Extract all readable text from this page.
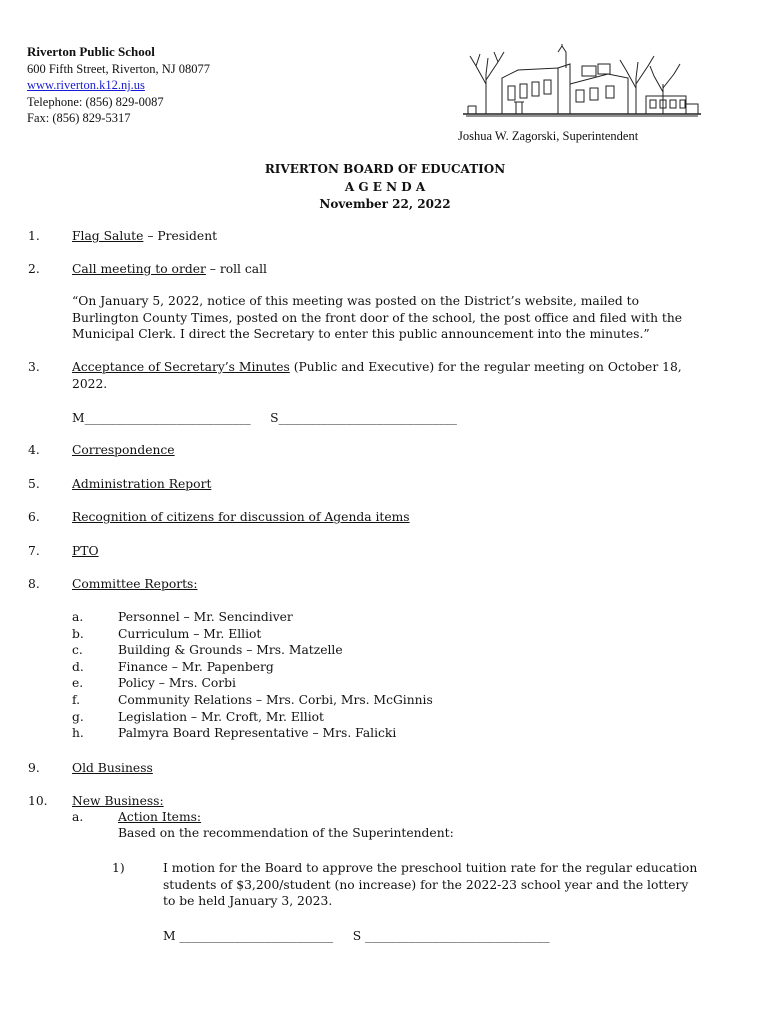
Riverton Public School
600 Fifth Street, Riverton, NJ 08077
www.riverton.k12.nj.us
Telephone: (856) 829-0087
Fax: (856) 829-5317
Joshua W. Zagorski, Superintendent
RIVERTON BOARD OF EDUCATION
A G E N D A
November 22, 2022
1.	Flag Salute – President
2.	Call meeting to order – roll call
“On January 5, 2022, notice of this meeting was posted on the District’s website, mailed to
Burlington County Times, posted on the front door of the school, the post office and filed with the
Municipal Clerk. I direct the Secretary to enter this public announcement into the minutes.”
3.	Acceptance of Secretary’s Minutes (Public and Executive) for the regular meeting on October 18,
2022.
M___________________________     S_____________________________
4.	Correspondence
5.	Administration Report
6.	Recognition of citizens for discussion of Agenda items
7.	PTO
8.	Committee Reports:
a.	Personnel – Mr. Sencindiver
b.	Curriculum – Mr. Elliot
c.	Building & Grounds – Mrs. Matzelle
d.	Finance – Mr. Papenberg
e.	Policy – Mrs. Corbi
f.	Community Relations – Mrs. Corbi, Mrs. McGinnis
g.	Legislation – Mr. Croft, Mr. Elliot
h.	Palmyra Board Representative – Mrs. Falicki
9.	Old Business
10. New Business:
a.	Action Items:
Based on the recommendation of the Superintendent:
1)	I motion for the Board to approve the preschool tuition rate for the regular education
students of $3,200/student (no increase) for the 2022-23 school year and the lottery
to be held January 3, 2023.
M _________________________     S ______________________________
